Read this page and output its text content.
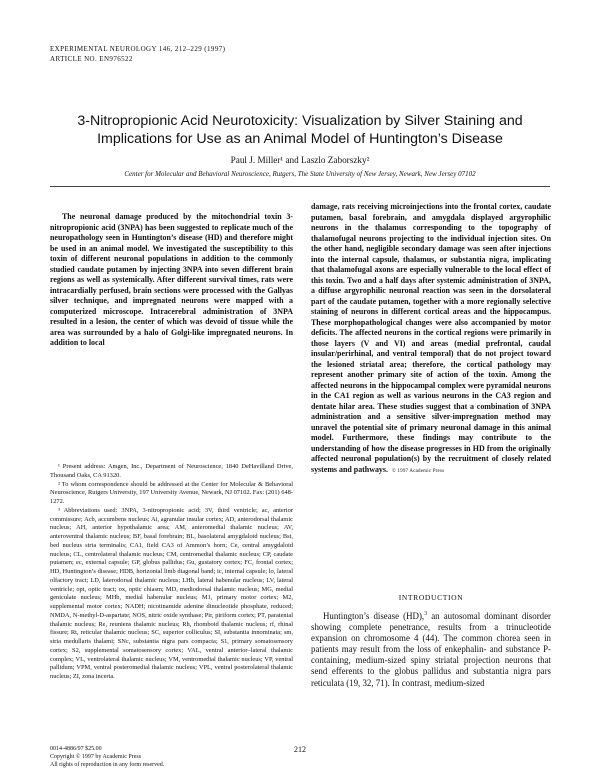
EXPERIMENTAL NEUROLOGY 146, 212–229 (1997)
ARTICLE NO. EN976522
3-Nitropropionic Acid Neurotoxicity: Visualization by Silver Staining and
Implications for Use as an Animal Model of Huntington’s Disease
Paul J. Miller¹ and Laszlo Zaborszky²
Center for Molecular and Behavioral Neuroscience, Rutgers, The State University of New Jersey, Newark, New Jersey 07102

The neuronal damage produced by the mitochondrial toxin 3-nitropropionic acid (3NPA) has been suggested to replicate much of the neuropathology seen in Huntington’s disease (HD) and therefore might be used in an animal model. We investigated the susceptibility to this toxin of different neuronal populations in addition to the commonly studied caudate putamen by injecting 3NPA into seven different brain regions as well as systemically. After different survival times, rats were intracardially perfused, brain sections were processed with the Gallyas silver technique, and impregnated neurons were mapped with a computerized microscope. Intracerebral administration of 3NPA resulted in a lesion, the center of which was devoid of tissue while the area was surrounded by a halo of Golgi-like impregnated neurons. In addition to local

damage, rats receiving microinjections into the frontal cortex, caudate putamen, basal forebrain, and amygdala displayed argyrophilic neurons in the thalamus corresponding to the topography of thalamofugal neurons projecting to the individual injection sites. On the other hand, negligible secondary damage was seen after injections into the internal capsule, thalamus, or substantia nigra, implicating that thalamofugal axons are especially vulnerable to the local effect of this toxin. Two and a half days after systemic administration of 3NPA, a diffuse argyrophilic neuronal reaction was seen in the dorsolateral part of the caudate putamen, together with a more regionally selective staining of neurons in different cortical areas and the hippocampus. These morphopathological changes were also accompanied by motor deficits. The affected neurons in the cortical regions were primarily in those layers (V and VI) and areas (medial prefrontal, caudal insular/perirhinal, and ventral temporal) that do not project toward the lesioned striatal area; therefore, the cortical pathology may represent another primary site of action of the toxin. Among the affected neurons in the hippocampal complex were pyramidal neurons in the CA1 region as well as various neurons in the CA3 region and dentate hilar area. These studies suggest that a combination of 3NPA administration and a sensitive silver-impregnation method may unravel the potential site of primary neuronal damage in this animal model. Furthermore, these findings may contribute to the understanding of how the disease progresses in HD from the originally affected neuronal population(s) by the recruitment of closely related systems and pathways. © 1997 Academic Press

¹ Present address: Amgen, Inc., Department of Neuroscience, 1840 DeHavilland Drive, Thousand Oaks, CA 91320.

² To whom correspondence should be addressed at the Center for Molecular & Behavioral Neuroscience, Rutgers University, 197 University Avenue, Newark, NJ 07102. Fax: (201) 648-1272.

³ Abbreviations used: 3NPA, 3-nitropropionic acid; 3V, third ventricle; ac, anterior commissure; Acb, accumbens nucleus; Ai, agranular insular cortex; AD, anterodorsal thalamic nucleus; AH, anterior hypothalamic area; AM, anteromedial thalamic nucleus; AV, anteroventral thalamic nucleus; BF, basal forebrain; BL, basolateral amygdaloid nucleus; Bst, bed nucleus stria terminalis; CA1, field CA3 of Ammon’s horn; Ce, central amygdaloid nucleus; CL, centrolateral thalamic nucleus; CM, centromedial thalamic nucleus; CP, caudate putamen; ec, external capsule; GP, globus pallidus; Gu, gustatory cortex; FC, frontal cortex; HD, Huntington’s disease; HDB, horizontal limb diagonal band; ic, internal capsule; lo, lateral olfactory tract; LD, laterodorsal thalamic nucleus; LHb, lateral habenular nucleus; LV, lateral ventricle; opt, optic tract; ox, optic chiasm; MD, mediodorsal thalamic nucleus; MG, medial geniculate nucleus; MHb, medial habenular nucleus; M1, primary motor cortex; M2, supplemental motor cortex; NADH; nicotinamide adenine dinucleotide phosphate, reduced; NMDA, N-methyl-D-aspartate; NOS, nitric oxide synthase; Pir, piriform cortex; PT, paratenial thalamic nucleus; Re, reuniens thalamic nucleus; Rh, rhomboid thalamic nucleus; rf, rhinal fissure; Rt, reticular thalamic nucleus; SC, superior colliculus; SI, substantia innominata; sm, stria medullaris thalami; SNc, substantia nigra pars compacta; S1, primary somatosensory cortex; S2, supplemental somatosensory cortex; VAL, ventral anterior–lateral thalamic complex; VL, ventrolateral thalamic nucleus; VM, ventromedial thalamic nucleus; VP, ventral pallidum; VPM, ventral posteromedial thalamic nucleus; VPL, ventral posterolateral thalamic nucleus; ZI, zona incerta.

INTRODUCTION

Huntington’s disease (HD),$^3$ an autosomal dominant disorder showing complete penetrance, results from a trinucleotide expansion on chromosome 4 (44). The common chorea seen in patients may result from the loss of enkephalin- and substance P-containing, medium-sized spiny striatal projection neurons that send efferents to the globus pallidus and substantia nigra pars reticulata (19, 32, 71). In contrast, medium-sized

212
0014-4886/97 $25.00
Copyright © 1997 by Academic Press
All rights of reproduction in any form reserved.
